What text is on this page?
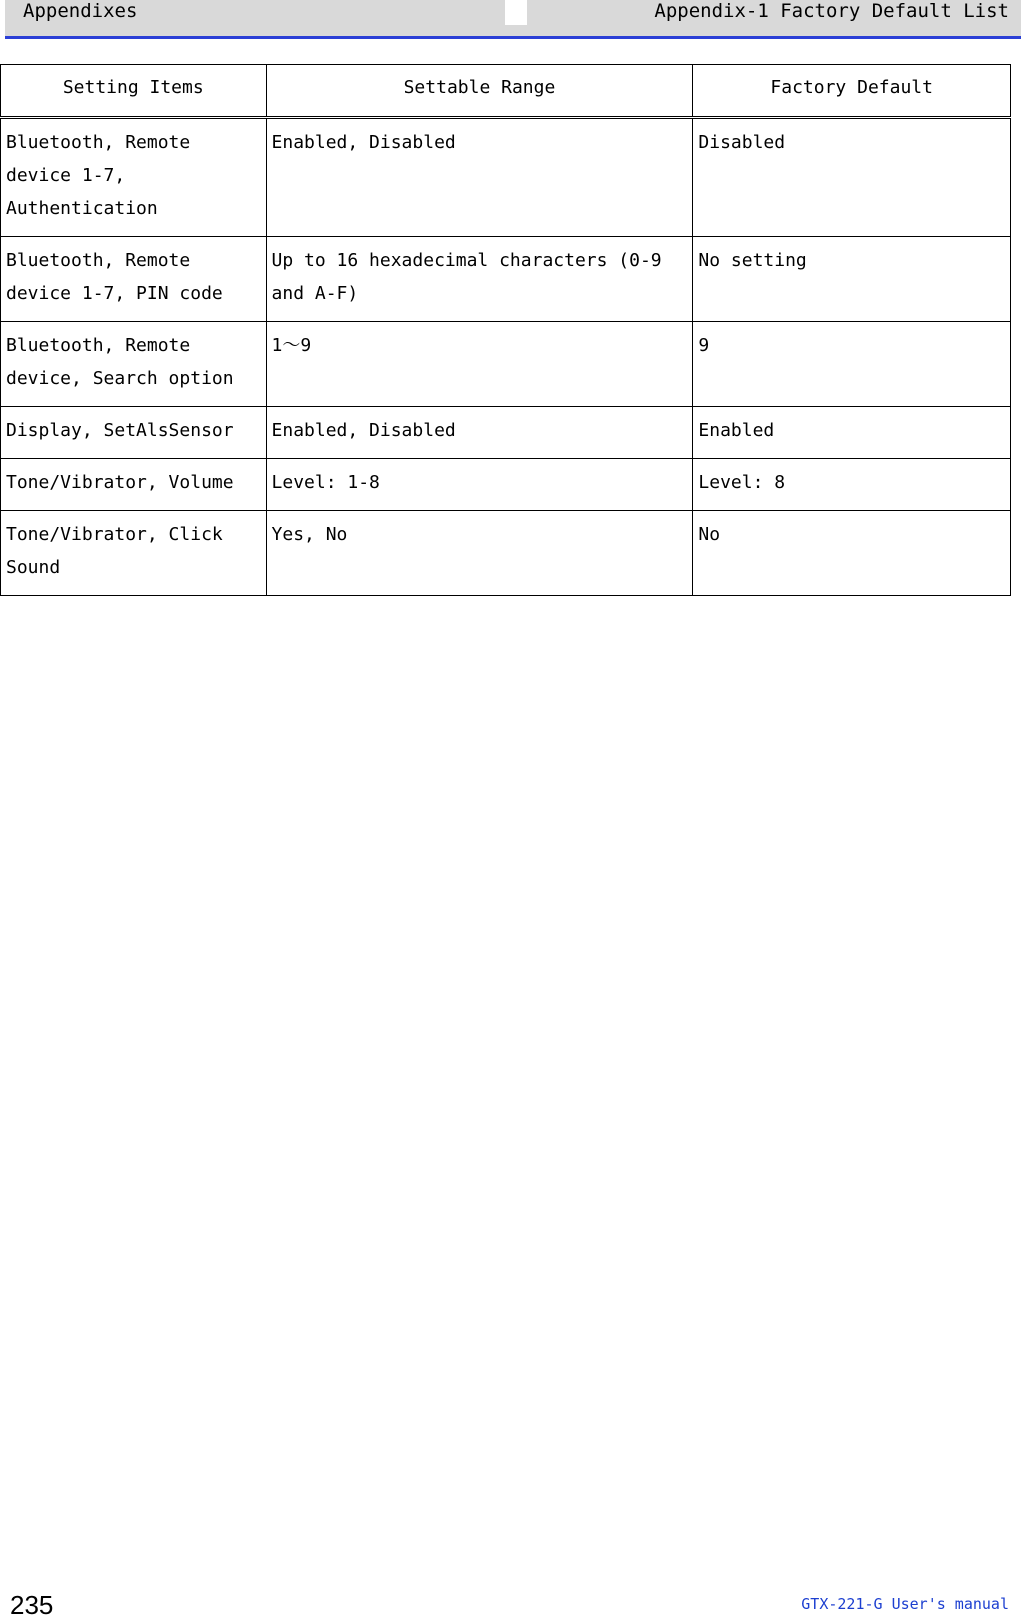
Appendixes	Appendix-1 Factory Default List
Setting Items	Settable Range	Factory Default
Bluetooth, Remote device 1-7, Authentication	Enabled, Disabled	Disabled
Bluetooth, Remote device 1-7, PIN code	Up to 16 hexadecimal characters (0-9 and A-F)	No setting
Bluetooth, Remote device, Search option	1～9	9
Display, SetAlsSensor	Enabled, Disabled	Enabled
Tone/Vibrator, Volume	Level: 1-8	Level: 8
Tone/Vibrator, Click Sound	Yes, No	No
235	GTX-221-G User's manual
